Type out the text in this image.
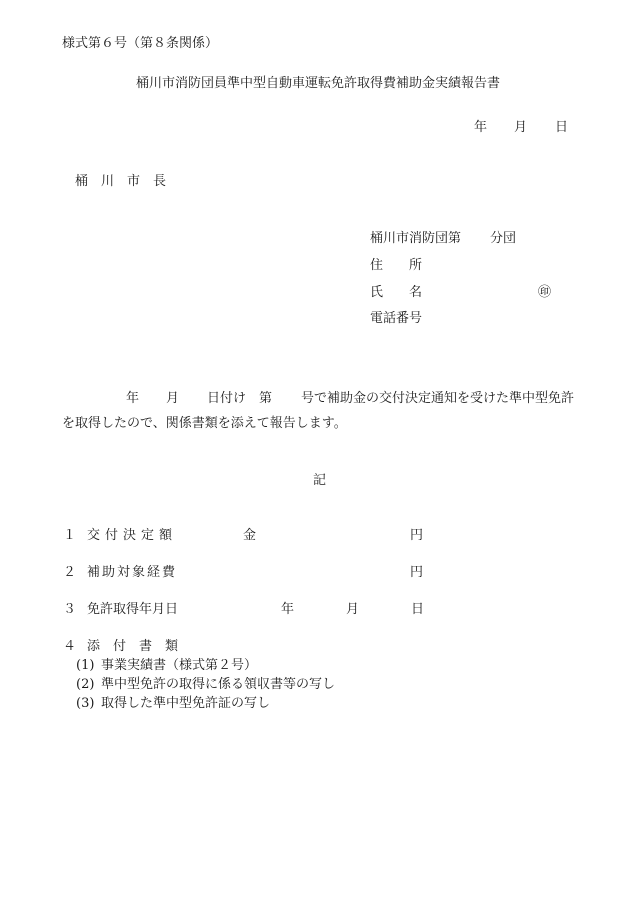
様式第６号（第８条関係）
桶川市消防団員準中型自動車運転免許取得費補助金実績報告書
年 月 日
桶　川　市　長
桶川市消防団第 分団
住　　所
氏　　名	㊞
電話番号
年 月 日付け 第 号で補助金の交付決定通知を受けた準中型免許
を取得したので、関係書類を添えて報告します。
記
１ 交付決定額	金	円
２ 補助対象経費	円
３ 免許取得年月日	年	月	日
４ 添　付　書　類
(1) 事業実績書（様式第２号）
(2) 準中型免許の取得に係る領収書等の写し
(3) 取得した準中型免許証の写し
